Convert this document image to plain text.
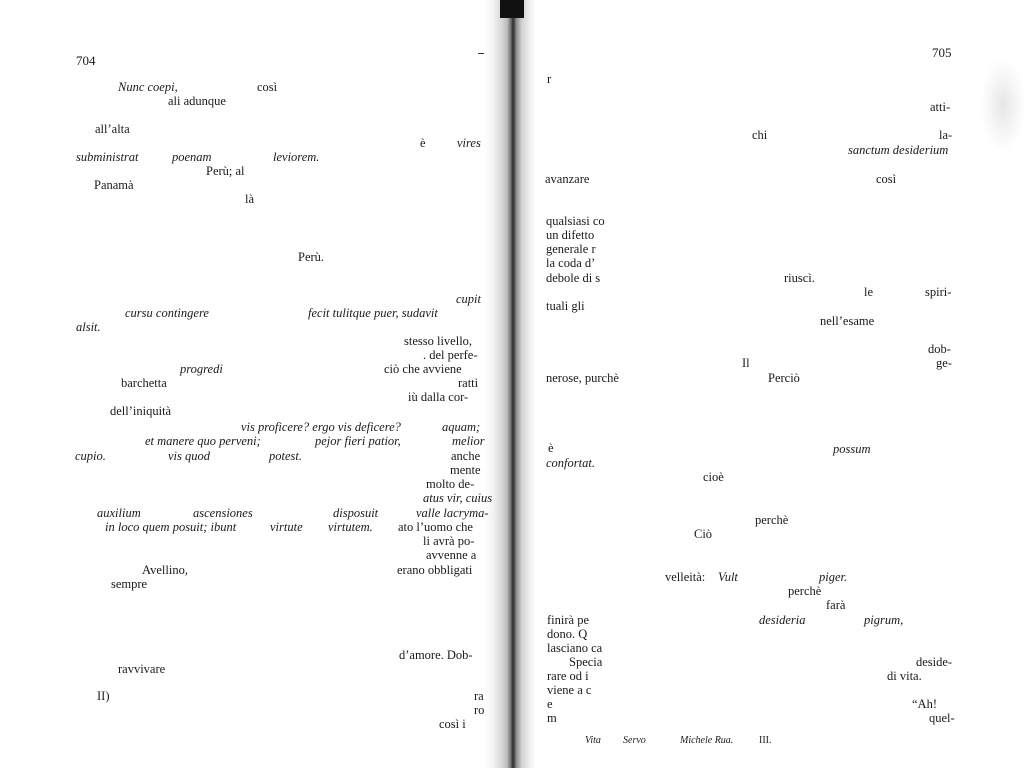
704
Nunc coepi,	così
ali adunque
all’alta
è	vires
subministrat	poenam	leviorem.
Perù; al
Panamà
là
Perù.
cupit
cursu contingere	fecit tulitque puer, sudavit
alsit.
stesso livello,
. del perfe-
progredi	ciò che avviene
barchetta	ratti
iù dalla cor-
dell’iniquità
vis proficere? ergo vis deficere?	aquam;
et manere quo perveni;	pejor fieri patior,	melior
cupio.	vis quod	potest.	anche
mente
molto de-
atus vir, cuius
auxilium	ascensiones	disposuit	valle lacryma-
in loco quem posuit; ibunt	virtute virtutem. ato l’uomo che
li avrà po-
avvenne a
Avellino,	erano obbligati
sempre
d’amore. Dob-
ravvivare
II)	ra
ro
così i
705
r
atti-
chi	la-
sanctum desiderium
avanzare	così
qualsiasi co
un difetto
generale r
la coda d’
debole di s	riuscì.
le	spiri-
tuali gli
nell’esame
dob-
Il	ge-
nerose, purchè	Perciò
è	possum
confortat.
cioè
perchè
Ciò
velleità: Vult	piger.
perchè
farà
finirà pe	desideria	pigrum,
dono. Q
lasciano ca
Specia	deside-
rare od i	di vita.
viene a c
e	“Ah!
m	quel-
Vita Servo	Michele Rua.	III.
